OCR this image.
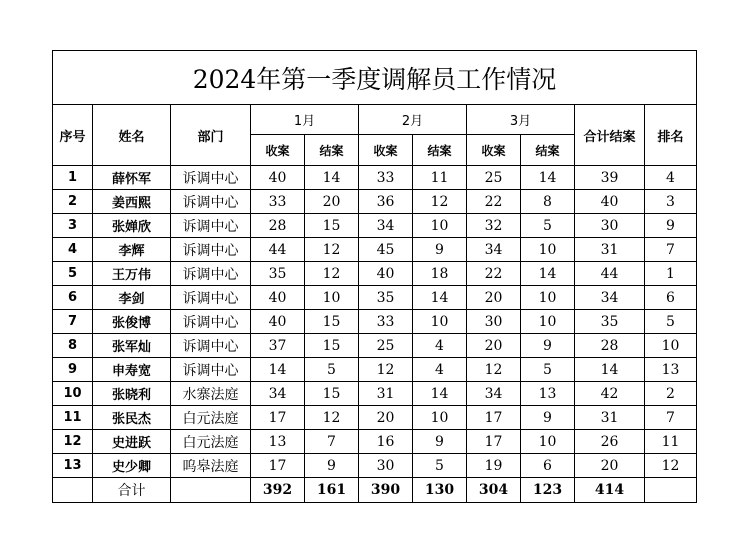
2024年第一季度调解员工作情况										
序号	姓名	部门	1月		2月		3月		合计结案	排名
			收案	结案	收案	结案	收案	结案		
1	薛怀军	诉调中心	40	14	33	11	25	14	39	4
2	姜西熙	诉调中心	33	20	36	12	22	8	40	3
3	张婵欣	诉调中心	28	15	34	10	32	5	30	9
4	李辉	诉调中心	44	12	45	9	34	10	31	7
5	王万伟	诉调中心	35	12	40	18	22	14	44	1
6	李剑	诉调中心	40	10	35	14	20	10	34	6
7	张俊博	诉调中心	40	15	33	10	30	10	35	5
8	张军灿	诉调中心	37	15	25	4	20	9	28	10
9	申寿宽	诉调中心	14	5	12	4	12	5	14	13
10	张晓利	水寨法庭	34	15	31	14	34	13	42	2
11	张民杰	白元法庭	17	12	20	10	17	9	31	7
12	史进跃	白元法庭	13	7	16	9	17	10	26	11
13	史少卿	呜皋法庭	17	9	30	5	19	6	20	12
	合计		392	161	390	130	304	123	414	
